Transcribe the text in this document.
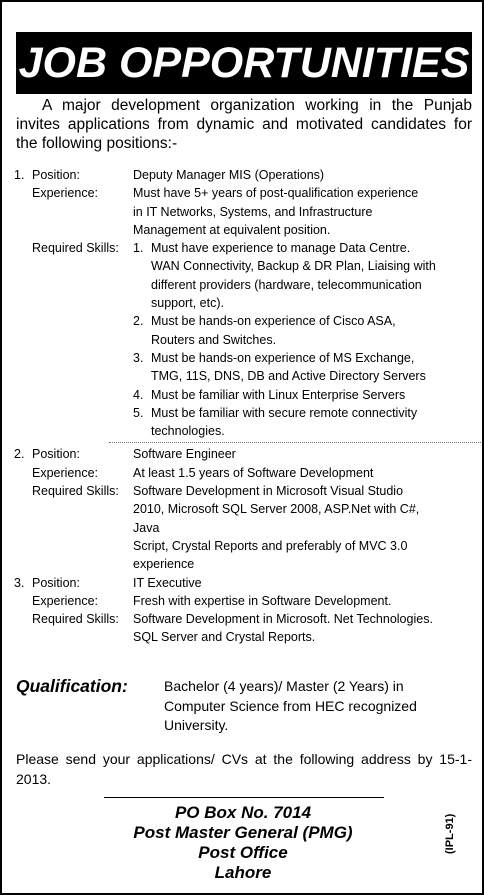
JOB OPPORTUNITIES

A major development organization working in the Punjab invites applications from dynamic and motivated candidates for the following positions:-

1. Position:	Deputy Manager MIS (Operations)
Experience:	Must have 5+ years of post-qualification experience
in IT Networks, Systems, and Infrastructure
Management at equivalent position.
Required Skills:	1. Must have experience to manage Data Centre.
WAN Connectivity, Backup & DR Plan, Liaising with
different providers (hardware, telecommunication
support, etc).
2. Must be hands-on experience of Cisco ASA,
Routers and Switches.
3. Must be hands-on experience of MS Exchange,
TMG, 11S, DNS, DB and Active Directory Servers
4. Must be familiar with Linux Enterprise Servers
5. Must be familiar with secure remote connectivity
technologies.
2. Position:	Software Engineer
Experience:	At least 1.5 years of Software Development
Required Skills:	Software Development in Microsoft Visual Studio
2010, Microsoft SQL Server 2008, ASP.Net with C#,
Java
Script, Crystal Reports and preferably of MVC 3.0
experience
3. Position:	IT Executive
Experience:	Fresh with expertise in Software Development.
Required Skills:	Software Development in Microsoft. Net Technologies.
SQL Server and Crystal Reports.
Qualification:	Bachelor (4 years)/ Master (2 Years) in
Computer Science from HEC recognized
University.

Please send your applications/ CVs at the following address by 15-1-2013.

PO Box No. 7014
Post Master General (PMG)
Post Office
Lahore
(IPL-91)
